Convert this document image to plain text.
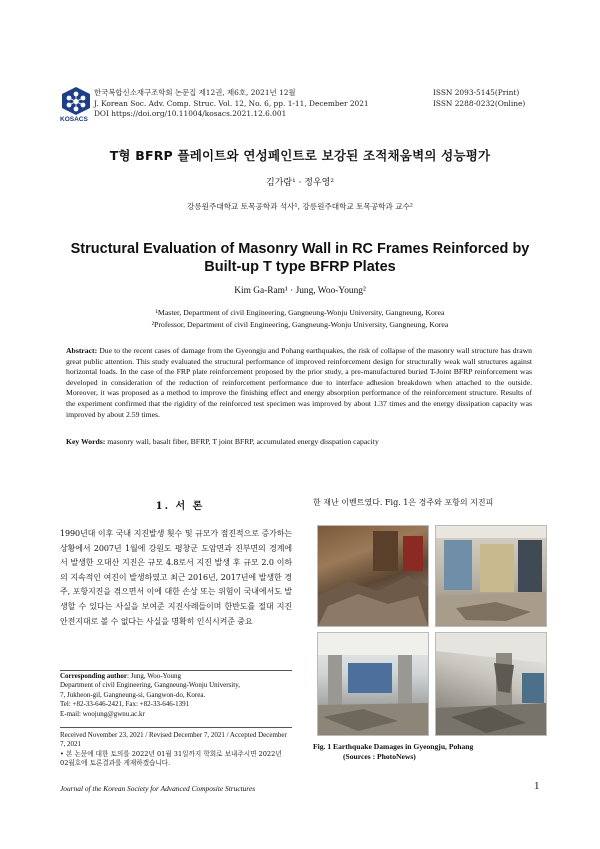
KOSACS
한국복합신소재구조학회 논문집 제12권, 제6호, 2021년 12월
J. Korean Soc. Adv. Comp. Struc. Vol. 12, No. 6, pp. 1-11, December 2021
DOI https://doi.org/10.11004/kosacs.2021.12.6.001
ISSN 2093-5145(Print)
ISSN 2288-0232(Online)
T형 BFRP 플레이트와 연성페인트로 보강된 조적채움벽의 성능평가
김가람¹ · 정우영²
강릉원주대학교 토목공학과 석사¹, 강릉원주대학교 토목공학과 교수²
Structural Evaluation of Masonry Wall in RC Frames Reinforced by Built-up T type BFRP Plates
Kim Ga-Ram¹ · Jung, Woo-Young²
¹Master, Department of civil Engineering, Gangneung-Wonju University, Gangneung, Korea
²Professor, Department of civil Engineering, Gangneung-Wonju University, Gangneung, Korea
Abstract: Due to the recent cases of damage from the Gyeongju and Pohang earthquakes, the risk of collapse of the masonry wall structure has drawn great public attention. This study evaluated the structural performance of improved reinforcement design for structurally weak wall structures against horizontal loads. In the case of the FRP plate reinforcement proposed by the prior study, a pre-manufactured buried T-Joint BFRP reinforcement was developed in consideration of the reduction of reinforcement performance due to interface adhesion breakdown when attached to the outside. Moreover, it was proposed as a method to improve the finishing effect and energy absorption performance of the reinforcement structure. Results of the experiment confirmed that the rigidity of the reinforced test specimen was improved by about 1.37 times and the energy dissipation capacity was improved by about 2.59 times.
Key Words: masonry wall, basalt fiber, BFRP, T joint BFRP, accumulated energy disspation capacity
1. 서 론
1990년대 이후 국내 지진발생 횟수 및 규모가 점진적으로 증가하는 상황에서 2007년 1월에 강원도 평창군 도암면과 진부면의 경계에서 발생한 오대산 지진은 규모 4.8로서 지진 발생 후 규모 2.0 이하의 지속적인 여진이 발생하였고 최근 2016년, 2017년에 발생한 경주, 포항지진을 겪으면서 이에 대한 손상 또는 위험이 국내에서도 발생할 수 있다는 사실을 보여준 지진사례들이며 한반도를 절대 지진 안전지대로 볼 수 없다는 사실을 명확히 인식시켜준 중요
Corresponding author: Jung, Woo-Young
Department of civil Engineering, Gangneung-Wonju University,
7, Jukheon-gil, Gangneung-si, Gangwon-do, Korea.
Tel: +82-33-646-2421, Fax: +82-33-646-1391
E-mail: woojung@gwnu.ac.kr
Received November 23, 2021 / Revised December 7, 2021 / Accepted December 7, 2021
• 본 논문에 대한 토의를 2022년 01월 31일까지 학회로 보내주시면 2022년 02월호에 토론결과를 게재하겠습니다.
한 재난 이벤트였다. Fig. 1은 경주와 포항의 지진피
Fig. 1 Earthquake Damages in Gyeongju, Pohang
(Sources : PhotoNews)
Journal of the Korean Society for Advanced Composite Structures	1
